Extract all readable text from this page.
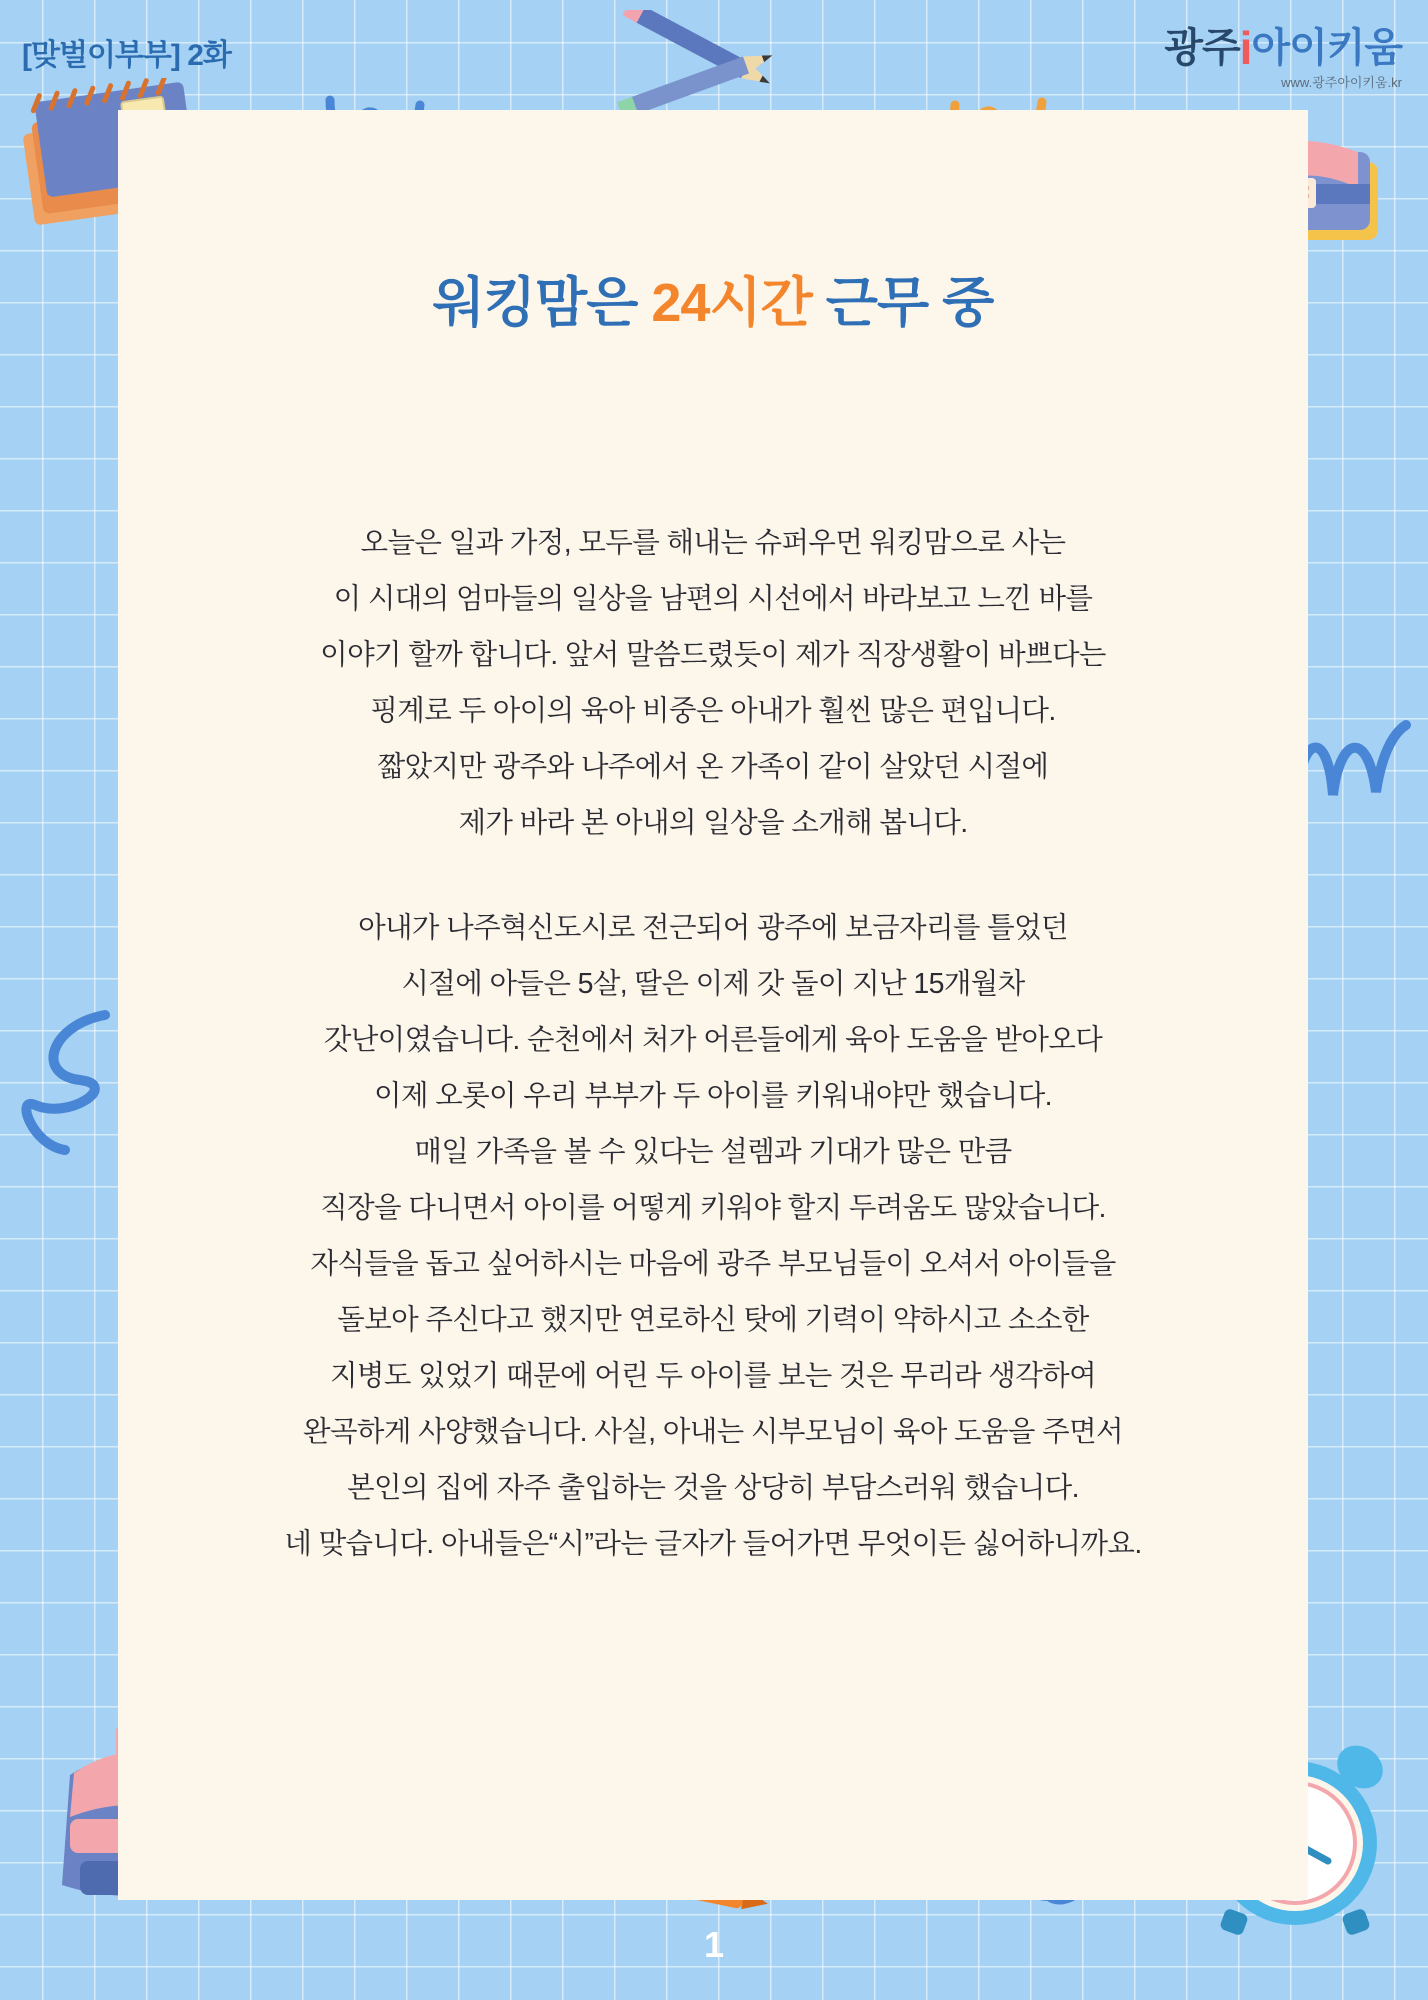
[맞벌이부부] 2화	광주i아이키움
www.광주아이키움.kr
워킹맘은 24시간 근무 중

오늘은 일과 가정, 모두를 해내는 슈퍼우먼 워킹맘으로 사는

이 시대의 엄마들의 일상을 남편의 시선에서 바라보고 느낀 바를

이야기 할까 합니다. 앞서 말씀드렸듯이 제가 직장생활이 바쁘다는

핑계로 두 아이의 육아 비중은 아내가 훨씬 많은 편입니다.

짧았지만 광주와 나주에서 온 가족이 같이 살았던 시절에

제가 바라 본 아내의 일상을 소개해 봅니다.

아내가 나주혁신도시로 전근되어 광주에 보금자리를 틀었던

시절에 아들은 5살, 딸은 이제 갓 돌이 지난 15개월차

갓난이였습니다. 순천에서 처가 어른들에게 육아 도움을 받아오다

이제 오롯이 우리 부부가 두 아이를 키워내야만 했습니다.

매일 가족을 볼 수 있다는 설렘과 기대가 많은 만큼

직장을 다니면서 아이를 어떻게 키워야 할지 두려움도 많았습니다.

자식들을 돕고 싶어하시는 마음에 광주 부모님들이 오셔서 아이들을

돌보아 주신다고 했지만 연로하신 탓에 기력이 약하시고 소소한

지병도 있었기 때문에 어린 두 아이를 보는 것은 무리라 생각하여

완곡하게 사양했습니다. 사실, 아내는 시부모님이 육아 도움을 주면서

본인의 집에 자주 출입하는 것을 상당히 부담스러워 했습니다.

네 맞습니다. 아내들은“시”라는 글자가 들어가면 무엇이든 싫어하니까요.

1
